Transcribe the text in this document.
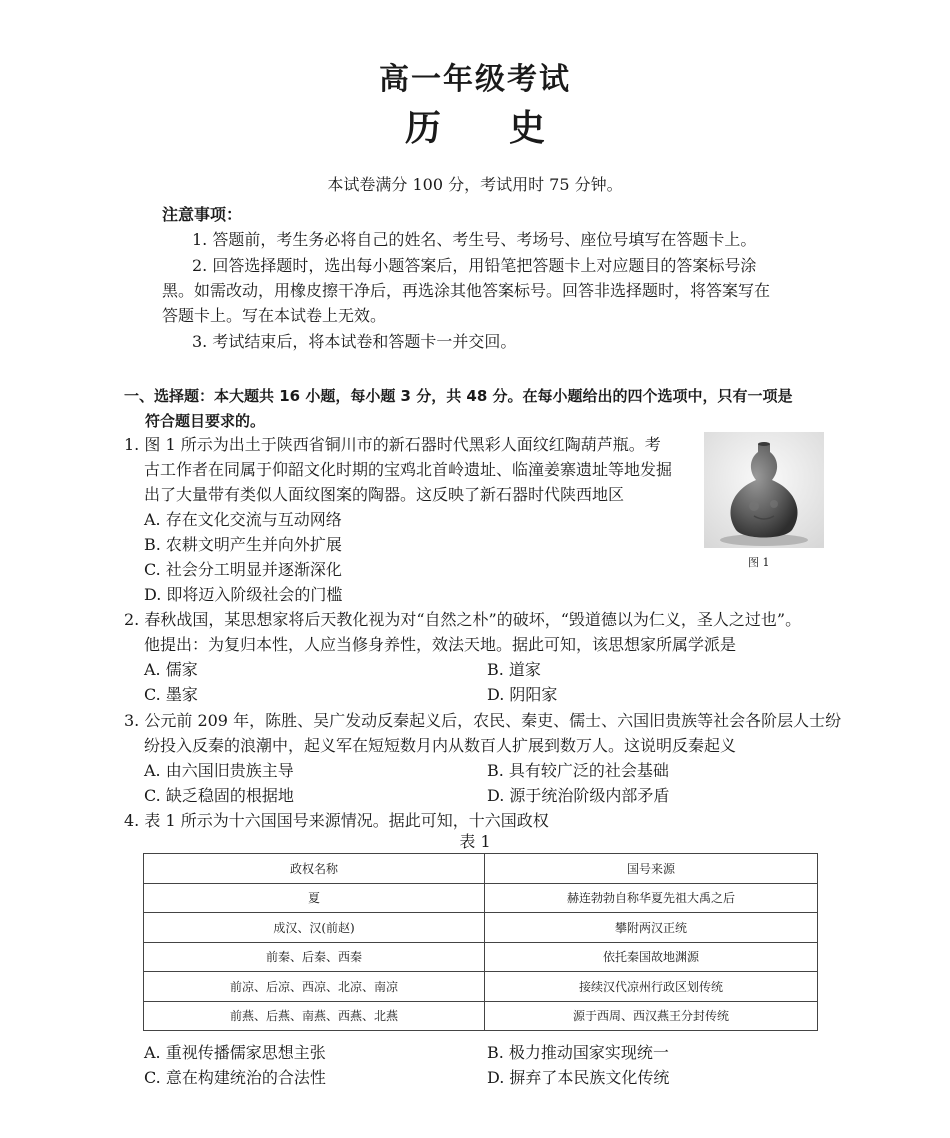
高一年级考试
历 史
本试卷满分 100 分，考试用时 75 分钟。
注意事项：
1. 答题前，考生务必将自己的姓名、考生号、考场号、座位号填写在答题卡上。
2. 回答选择题时，选出每小题答案后，用铅笔把答题卡上对应题目的答案标号涂
黑。如需改动，用橡皮擦干净后，再选涂其他答案标号。回答非选择题时，将答案写在
答题卡上。写在本试卷上无效。
3. 考试结束后，将本试卷和答题卡一并交回。
一、选择题：本大题共 16 小题，每小题 3 分，共 48 分。在每小题给出的四个选项中，只有一项是
符合题目要求的。
1. 图 1 所示为出土于陕西省铜川市的新石器时代黑彩人面纹红陶葫芦瓶。考
古工作者在同属于仰韶文化时期的宝鸡北首岭遗址、临潼姜寨遗址等地发掘
出了大量带有类似人面纹图案的陶器。这反映了新石器时代陕西地区
A. 存在文化交流与互动网络
B. 农耕文明产生并向外扩展
C. 社会分工明显并逐渐深化
D. 即将迈入阶级社会的门槛
图 1
2. 春秋战国，某思想家将后天教化视为对“自然之朴”的破坏，“毁道德以为仁义，圣人之过也”。
他提出：为复归本性，人应当修身养性，效法天地。据此可知，该思想家所属学派是
A. 儒家	B. 道家
C. 墨家	D. 阴阳家
3. 公元前 209 年，陈胜、吴广发动反秦起义后，农民、秦吏、儒士、六国旧贵族等社会各阶层人士纷
纷投入反秦的浪潮中，起义军在短短数月内从数百人扩展到数万人。这说明反秦起义
A. 由六国旧贵族主导	B. 具有较广泛的社会基础
C. 缺乏稳固的根据地	D. 源于统治阶级内部矛盾
4. 表 1 所示为十六国国号来源情况。据此可知，十六国政权
表 1
政权名称	国号来源
夏	赫连勃勃自称华夏先祖大禹之后
成汉、汉(前赵)	攀附两汉正统
前秦、后秦、西秦	依托秦国故地渊源
前凉、后凉、西凉、北凉、南凉	接续汉代凉州行政区划传统
前燕、后燕、南燕、西燕、北燕	源于西周、西汉燕王分封传统
A. 重视传播儒家思想主张	B. 极力推动国家实现统一
C. 意在构建统治的合法性	D. 摒弃了本民族文化传统
